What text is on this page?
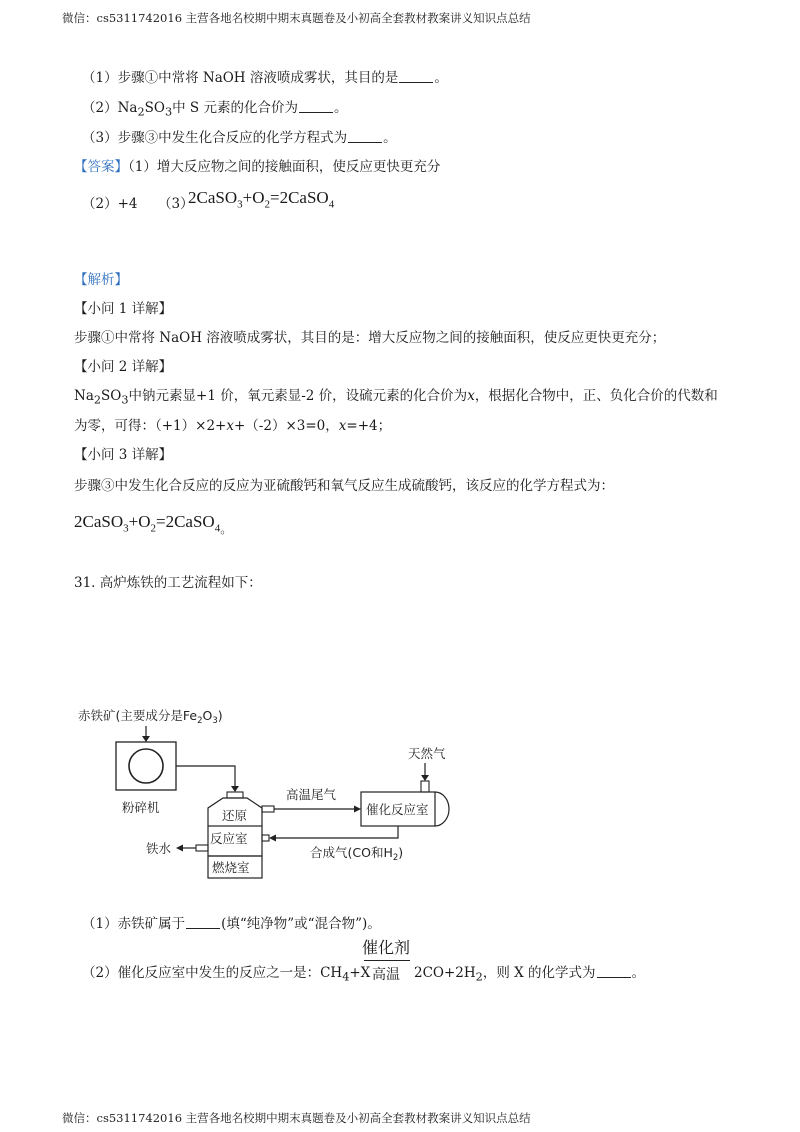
微信：cs5311742016 主营各地名校期中期末真题卷及小初高全套教材教案讲义知识点总结
（1）步骤①中常将 NaOH 溶液喷成雾状，其目的是	。
$(2)Na_2SO_3$中 S 元素的化合价为	。
（3）步骤③中发生化合反应的化学方程式为	。
【答案】（1）增大反应物之间的接触面积，使反应更快更充分
（2）+4 （3）
$2CaSO_3+O_2=2CaSO_4$
【解析】
【小问 1 详解】
步骤①中常将 NaOH 溶液喷成雾状，其目的是：增大反应物之间的接触面积，使反应更快更充分；
【小问 2 详解】
$Na_2SO_3$中钠元素显+1 价，氧元素显-2 价，设硫元素的化合价为x，根据化合物中，正、负化合价的代数和
为零，可得：（+1）×2+x+（-2）×3=0，x=+4；
【小问 3 详解】
步骤③中发生化合反应的反应为亚硫酸钙和氧气反应生成硫酸钙，该反应的化学方程式为：
$2CaSO_3+O_2=2CaSO_{4。}$
31. 高炉炼铁的工艺流程如下：
赤铁矿(主要成分是$Fe_2O_3$)
粉碎机
还原
反应室
燃烧室
铁水
高温尾气
催化反应室
天然气
合成气(CO和$H_2$)
（1）赤铁矿属于	(填“纯净物”或“混合物”)。
（2）催化反应室中发生的反应之一是：$CH_4+X$
催化剂
高温	$2CO+2H_2$，则 X 的化学式为	。
微信：cs5311742016 主营各地名校期中期末真题卷及小初高全套教材教案讲义知识点总结
